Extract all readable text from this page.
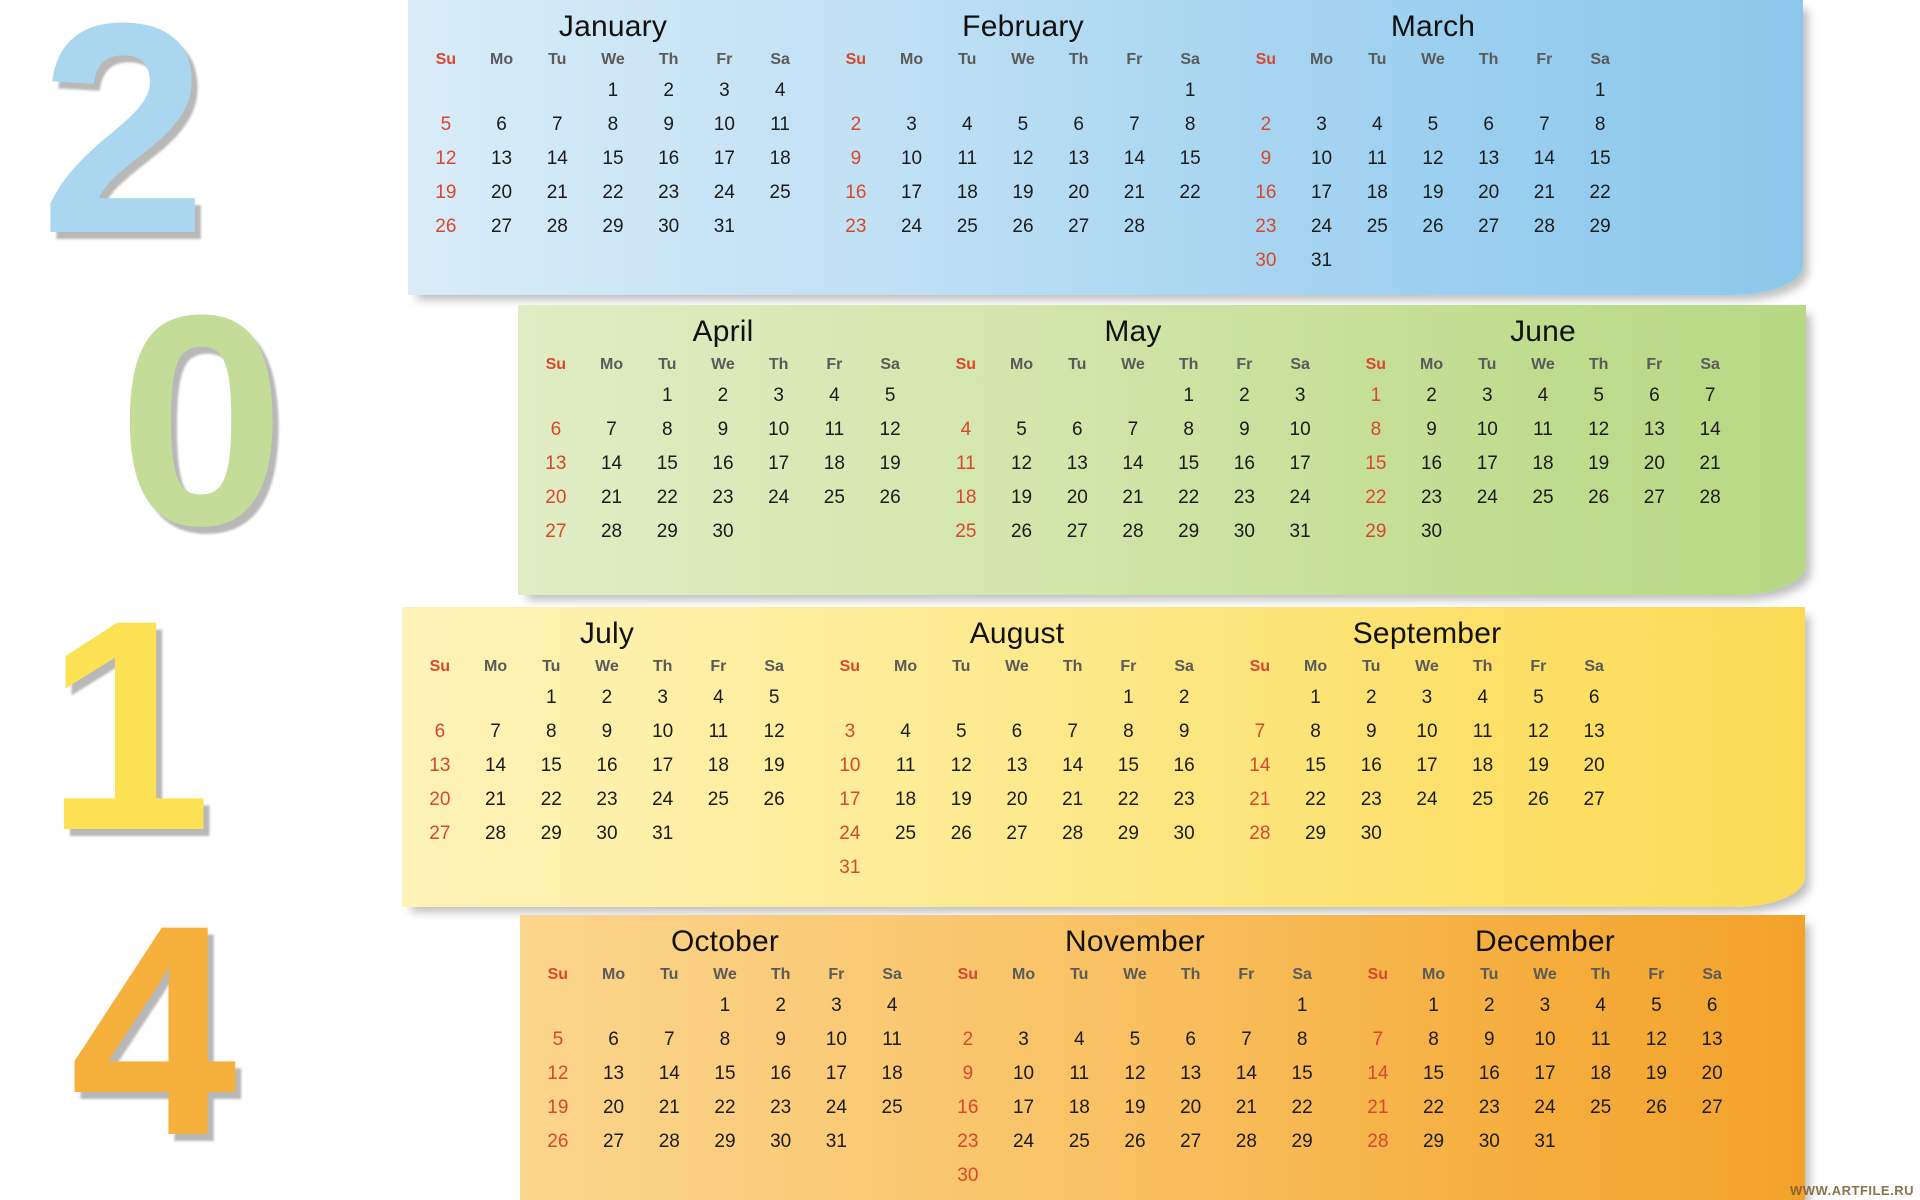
2
0
1
4
January
Su	Mo	Tu	We	Th	Fr	Sa
			1	2	3	4
5	6	7	8	9	10	11
12	13	14	15	16	17	18
19	20	21	22	23	24	25
26	27	28	29	30	31	
February
Su	Mo	Tu	We	Th	Fr	Sa
						1
2	3	4	5	6	7	8
9	10	11	12	13	14	15
16	17	18	19	20	21	22
23	24	25	26	27	28	
March
Su	Mo	Tu	We	Th	Fr	Sa
						1
2	3	4	5	6	7	8
9	10	11	12	13	14	15
16	17	18	19	20	21	22
23	24	25	26	27	28	29
30	31					
April
Su	Mo	Tu	We	Th	Fr	Sa
		1	2	3	4	5
6	7	8	9	10	11	12
13	14	15	16	17	18	19
20	21	22	23	24	25	26
27	28	29	30			
May
Su	Mo	Tu	We	Th	Fr	Sa
				1	2	3
4	5	6	7	8	9	10
11	12	13	14	15	16	17
18	19	20	21	22	23	24
25	26	27	28	29	30	31
June
Su	Mo	Tu	We	Th	Fr	Sa
1	2	3	4	5	6	7
8	9	10	11	12	13	14
15	16	17	18	19	20	21
22	23	24	25	26	27	28
29	30					
July
Su	Mo	Tu	We	Th	Fr	Sa
		1	2	3	4	5
6	7	8	9	10	11	12
13	14	15	16	17	18	19
20	21	22	23	24	25	26
27	28	29	30	31		
August
Su	Mo	Tu	We	Th	Fr	Sa
					1	2
3	4	5	6	7	8	9
10	11	12	13	14	15	16
17	18	19	20	21	22	23
24	25	26	27	28	29	30
31						
September
Su	Mo	Tu	We	Th	Fr	Sa
	1	2	3	4	5	6
7	8	9	10	11	12	13
14	15	16	17	18	19	20
21	22	23	24	25	26	27
28	29	30				
October
Su	Mo	Tu	We	Th	Fr	Sa
			1	2	3	4
5	6	7	8	9	10	11
12	13	14	15	16	17	18
19	20	21	22	23	24	25
26	27	28	29	30	31	
November
Su	Mo	Tu	We	Th	Fr	Sa
						1
2	3	4	5	6	7	8
9	10	11	12	13	14	15
16	17	18	19	20	21	22
23	24	25	26	27	28	29
30						
December
Su	Mo	Tu	We	Th	Fr	Sa
	1	2	3	4	5	6
7	8	9	10	11	12	13
14	15	16	17	18	19	20
21	22	23	24	25	26	27
28	29	30	31			
WWW.ARTFILE.RU
